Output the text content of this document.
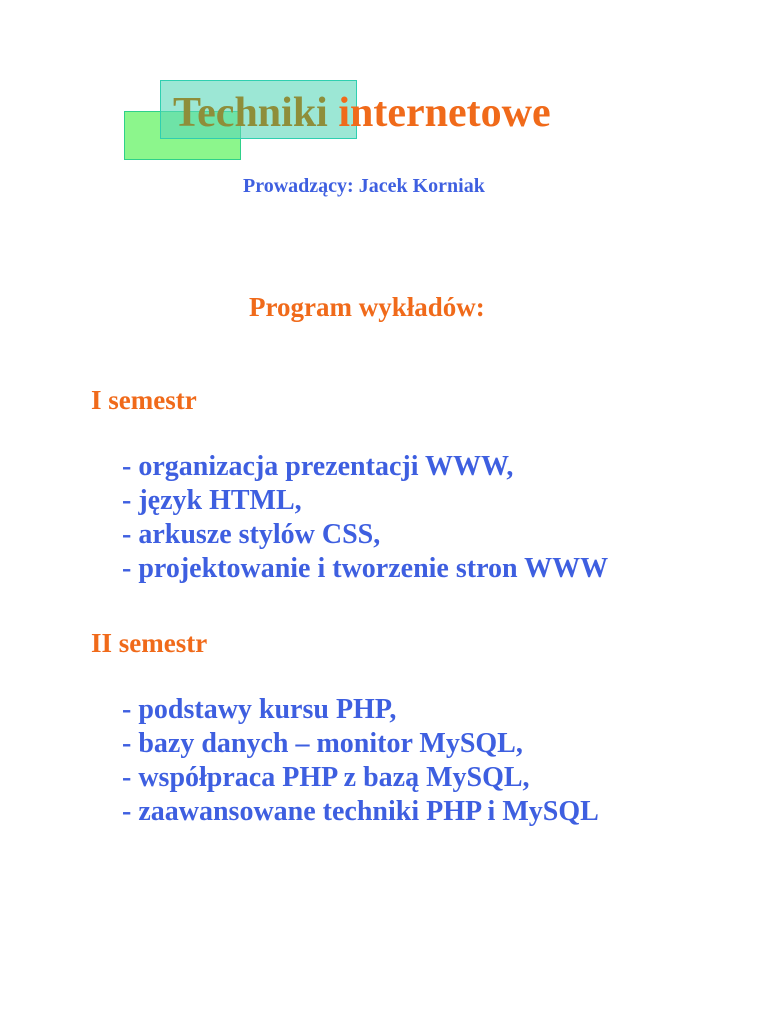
Techniki internetowe

Prowadzący: Jacek Korniak

Program wykładów:
I semestr
- organizacja prezentacji WWW,
- język HTML,
- arkusze stylów CSS,
- projektowanie i tworzenie stron WWW
II semestr
- podstawy kursu PHP,
- bazy danych – monitor MySQL,
- współpraca PHP z bazą MySQL,
- zaawansowane techniki PHP i MySQL
